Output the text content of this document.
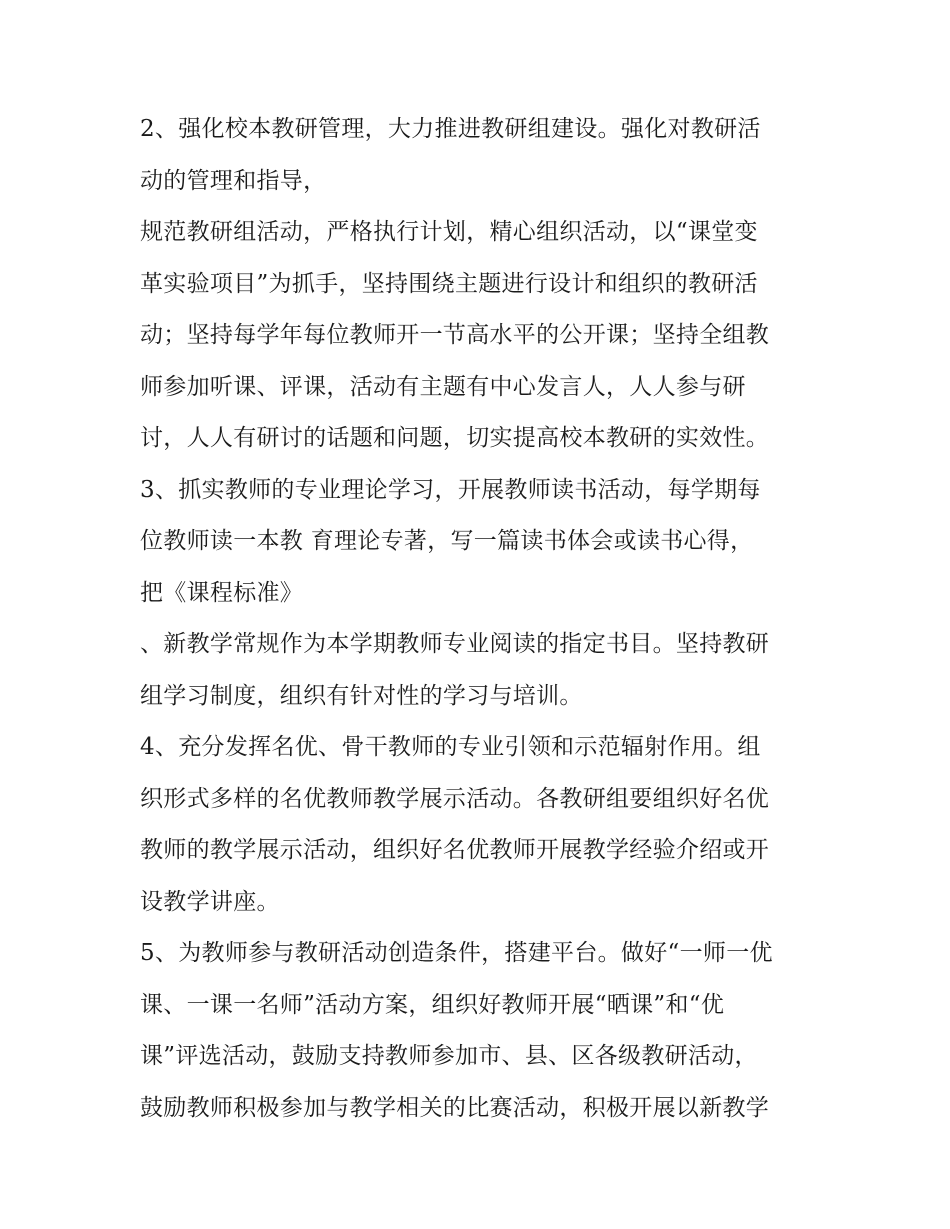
2、强化校本教研管理，大力推进教研组建设。强化对教研活
动的管理和指导，
规范教研组活动，严格执行计划，精心组织活动，以“课堂变
革实验项目”为抓手，坚持围绕主题进行设计和组织的教研活
动；坚持每学年每位教师开一节高水平的公开课；坚持全组教
师参加听课、评课，活动有主题有中心发言人，人人参与研
讨，人人有研讨的话题和问题，切实提高校本教研的实效性。
3、抓实教师的专业理论学习，开展教师读书活动，每学期每
位教师读一本教 育理论专著，写一篇读书体会或读书心得，
把《课程标准》
、新教学常规作为本学期教师专业阅读的指定书目。坚持教研
组学习制度，组织有针对性的学习与培训。
4、充分发挥名优、骨干教师的专业引领和示范辐射作用。组
织形式多样的名优教师教学展示活动。各教研组要组织好名优
教师的教学展示活动，组织好名优教师开展教学经验介绍或开
设教学讲座。
5、为教师参与教研活动创造条件，搭建平台。做好“一师一优
课、一课一名师”活动方案，组织好教师开展“晒课”和“优
课”评选活动，鼓励支持教师参加市、县、区各级教研活动，
鼓励教师积极参加与教学相关的比赛活动，积极开展以新教学
